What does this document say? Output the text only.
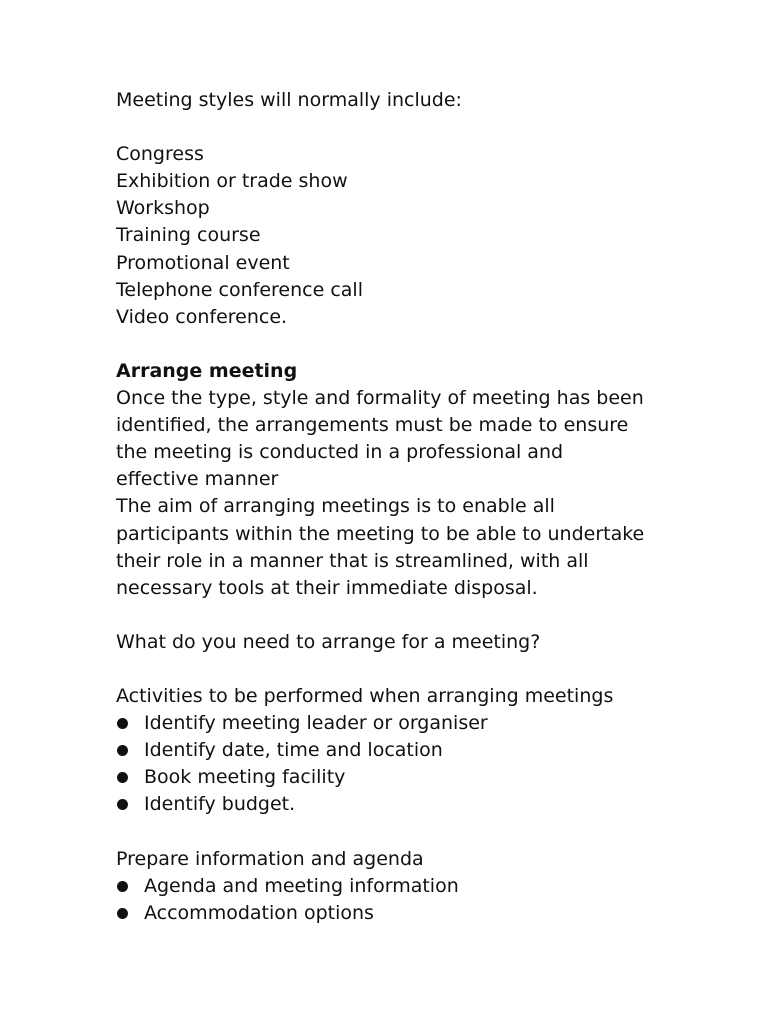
Meeting styles will normally include:
Congress
Exhibition or trade show
Workshop
Training course
Promotional event
Telephone conference call
Video conference.
Arrange meeting
Once the type, style and formality of meeting has been
identified, the arrangements must be made to ensure
the meeting is conducted in a professional and
effective manner
The aim of arranging meetings is to enable all
participants within the meeting to be able to undertake
their role in a manner that is streamlined, with all
necessary tools at their immediate disposal.
What do you need to arrange for a meeting?
Activities to be performed when arranging meetings
Identify meeting leader or organiser
Identify date, time and location
Book meeting facility
Identify budget.
Prepare information and agenda
Agenda and meeting information
Accommodation options
